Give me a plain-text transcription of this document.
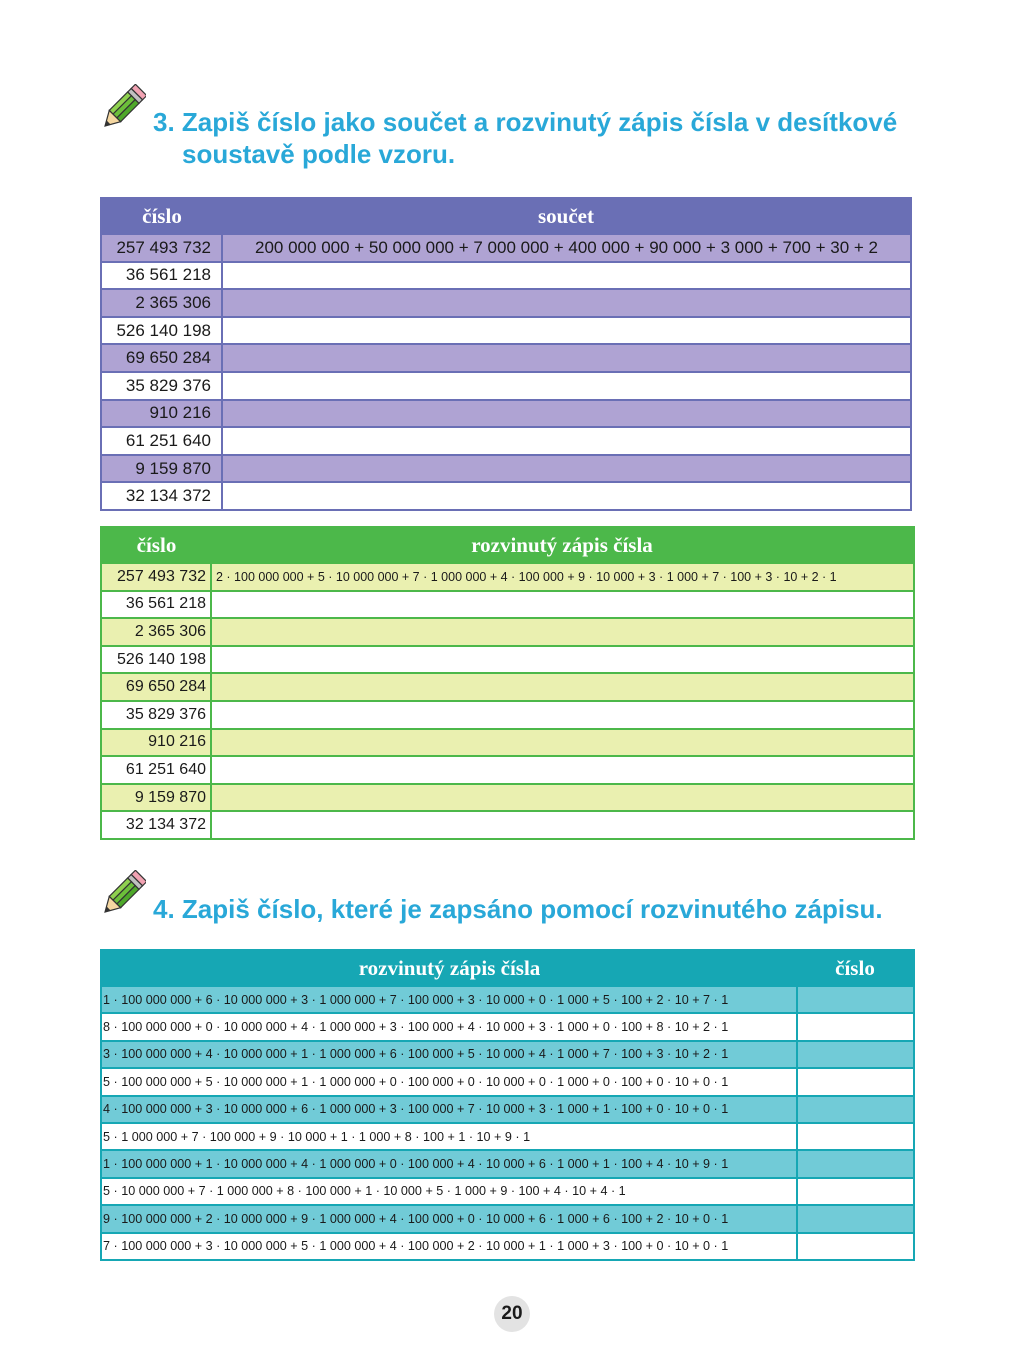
3. Zapiš číslo jako součet a rozvinutý zápis čísla v desítkové
soustavě podle vzoru.
číslo	součet
257 493 732	200 000 000 + 50 000 000 + 7 000 000 + 400 000 + 90 000 + 3 000 + 700 + 30 + 2
36 561 218	
2 365 306	
526 140 198	
69 650 284	
35 829 376	
910 216	
61 251 640	
9 159 870	
32 134 372	
číslo	rozvinutý zápis čísla
257 493 732	2 · 100 000 000 + 5 · 10 000 000 + 7 · 1 000 000 + 4 · 100 000 + 9 · 10 000 + 3 · 1 000 + 7 · 100 + 3 · 10 + 2 · 1
36 561 218	
2 365 306	
526 140 198	
69 650 284	
35 829 376	
910 216	
61 251 640	
9 159 870	
32 134 372	
4. Zapiš číslo, které je zapsáno pomocí rozvinutého zápisu.
rozvinutý zápis čísla	číslo
1 · 100 000 000 + 6 · 10 000 000 + 3 · 1 000 000 + 7 · 100 000 + 3 · 10 000 + 0 · 1 000 + 5 · 100 + 2 · 10 + 7 · 1	
8 · 100 000 000 + 0 · 10 000 000 + 4 · 1 000 000 + 3 · 100 000 + 4 · 10 000 + 3 · 1 000 + 0 · 100 + 8 · 10 + 2 · 1	
3 · 100 000 000 + 4 · 10 000 000 + 1 · 1 000 000 + 6 · 100 000 + 5 · 10 000 + 4 · 1 000 + 7 · 100 + 3 · 10 + 2 · 1	
5 · 100 000 000 + 5 · 10 000 000 + 1 · 1 000 000 + 0 · 100 000 + 0 · 10 000 + 0 · 1 000 + 0 · 100 + 0 · 10 + 0 · 1	
4 · 100 000 000 + 3 · 10 000 000 + 6 · 1 000 000 + 3 · 100 000 + 7 · 10 000 + 3 · 1 000 + 1 · 100 + 0 · 10 + 0 · 1	
5 · 1 000 000 + 7 · 100 000 + 9 · 10 000 + 1 · 1 000 + 8 · 100 + 1 · 10 + 9 · 1	
1 · 100 000 000 + 1 · 10 000 000 + 4 · 1 000 000 + 0 · 100 000 + 4 · 10 000 + 6 · 1 000 + 1 · 100 + 4 · 10 + 9 · 1	
5 · 10 000 000 + 7 · 1 000 000 + 8 · 100 000 + 1 · 10 000 + 5 · 1 000 + 9 · 100 + 4 · 10 + 4 · 1	
9 · 100 000 000 + 2 · 10 000 000 + 9 · 1 000 000 + 4 · 100 000 + 0 · 10 000 + 6 · 1 000 + 6 · 100 + 2 · 10 + 0 · 1	
7 · 100 000 000 + 3 · 10 000 000 + 5 · 1 000 000 + 4 · 100 000 + 2 · 10 000 + 1 · 1 000 + 3 · 100 + 0 · 10 + 0 · 1	
20
